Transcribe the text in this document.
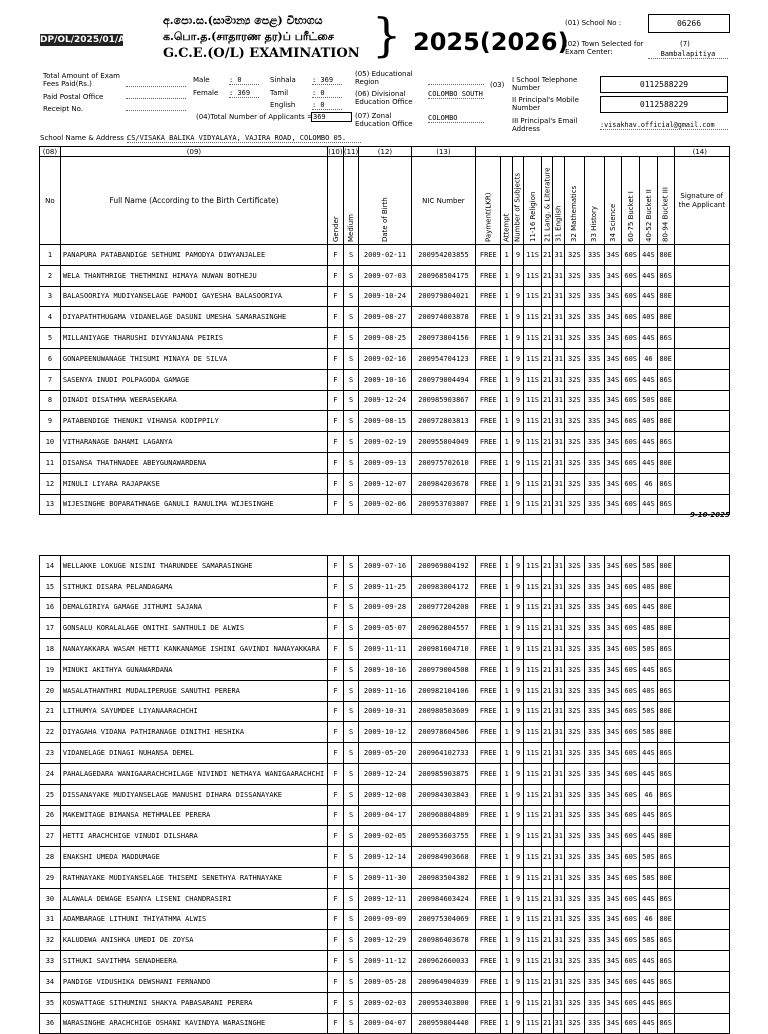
DP/OL/2025/01/A
අ.පො.ස.(සාමාන්‍ය පෙළ) විභාගය
க.பொ.த.(சாதாரண தர)ப் பரீட்சை
G.C.E.(O/L) EXAMINATION } 2025(2026)
(01) School No :	06266
(02) Town Selected for Exam Center:
(7)
Bambalapitiya
Total Amount of Exam Fees Paid(Rs.)
Paid Postal Office
Receipt No.
Male	: 0
Female : 369
Sinhala : 369
Tamil	: 0
English : 0
(04)Total Number of Applicants = 369
(05) Educational Region
(06) Divisional Education Office
COLOMBO SOUTH
(07) Zonal Education Office
COLOMBO
(03)
I School Telephone Number	0112588229
II Principal's Mobile Number	0112588229
III Principal's Email Address	:visakhav.official@gmail.com
School Name & Address :
CS/VISAKA BALIKA VIDYALAYA, VAJIRA ROAD, COLOMBO 05.
(08)	(09)	(10)	(11)	(12)	(13)													(14)
No	Full Name (According to the Birth Certificate)	Gender	Medium	Date of Birth	NIC Number	Payment(LKR)	Attempt	Number of Subjects	11-16 Religion	21 Lang. & Literature	31 English	32 Mathematics	33 History	34 Science	60-75 Bucket I	40-52 Bucket II	80-94 Bucket III	Signature of the Applicant
1	PANAPURA PATABANDIGE SETHUMI PAMODYA DIWYANJALEE	F	S	2009-02-11	200954203855	FREE	1	9	11S	21	31	32S	33S	34S	60S	44S	80E	
2	WELA THANTHRIGE THETHMINI HIMAYA NUWAN BOTHEJU	F	S	2009-07-03	200968504175	FREE	1	9	11S	21	31	32S	33S	34S	60S	44S	86S	
3	BALASOORIYA MUDIYANSELAGE PAMODI GAYESHA BALASOORIYA	F	S	2009-10-24	200979804021	FREE	1	9	11S	21	31	32S	33S	34S	60S	44S	80E	
4	DIYAPATHTHUGAMA VIDANELAGE DASUNI UMESHA SAMARASINGHE	F	S	2009-08-27	200974003878	FREE	1	9	11S	21	31	32S	33S	34S	60S	40S	80E	
5	MILLANIYAGE THARUSHI DIVYANJANA PEIRIS	F	S	2009-08-25	200973804156	FREE	1	9	11S	21	31	32S	33S	34S	60S	44S	86S	
6	GONAPEENUWANAGE THISUMI MINAYA DE SILVA	F	S	2009-02-16	200954704123	FREE	1	9	11S	21	31	32S	33S	34S	60S	46	80E	
7	SASENYA INUDI POLPAGODA GAMAGE	F	S	2009-10-16	200979004494	FREE	1	9	11S	21	31	32S	33S	34S	60S	44S	86S	
8	DINADI DISATHMA WEERASEKARA	F	S	2009-12-24	200985903867	FREE	1	9	11S	21	31	32S	33S	34S	60S	50S	80E	
9	PATABENDIGE THENUKI VIHANSA KODIPPILY	F	S	2009-08-15	200972803813	FREE	1	9	11S	21	31	32S	33S	34S	60S	40S	80E	
10	VITHARANAGE DAHAMI LAGANYA	F	S	2009-02-19	200955004049	FREE	1	9	11S	21	31	32S	33S	34S	60S	44S	86S	
11	DISANSA THATHNADEE ABEYGUNAWARDENA	F	S	2009-09-13	200975702610	FREE	1	9	11S	21	31	32S	33S	34S	60S	44S	80E	
12	MINULI LIYARA RAJAPAKSE	F	S	2009-12-07	200984203678	FREE	1	9	11S	21	31	32S	33S	34S	60S	46	86S	
13	WIJESINGHE BOPARATHNAGE GANULI RANULIMA WIJESINGHE	F	S	2009-02-06	200953703807	FREE	1	9	11S	21	31	32S	33S	34S	60S	44S	86S	
9-10-2025
14	WELLAKKE LOKUGE NISINI THARUNDEE SAMARASINGHE	F	S	2009-07-16	200969804192	FREE	1	9	11S	21	31	32S	33S	34S	60S	50S	80E	
15	SITHUKI DISARA PELANDAGAMA	F	S	2009-11-25	200983004172	FREE	1	9	11S	21	31	32S	33S	34S	60S	40S	80E	
16	DEMALGIRIYA GAMAGE JITHUMI SAJANA	F	S	2009-09-28	200977204208	FREE	1	9	11S	21	31	32S	33S	34S	60S	44S	80E	
17	GONSALU KORALALAGE ONITHI SANTHULI DE ALWIS	F	S	2009-05-07	200962804557	FREE	1	9	11S	21	31	32S	33S	34S	60S	40S	80E	
18	NANAYAKKARA WASAM HETTI KANKANAMGE ISHINI GAVINDI NANAYAKKARA	F	S	2009-11-11	200981604710	FREE	1	9	11S	21	31	32S	33S	34S	60S	50S	86S	
19	MINUKI AKITHYA GUNAWARDANA	F	S	2009-10-16	200979004508	FREE	1	9	11S	21	31	32S	33S	34S	60S	44S	86S	
20	WASALATHANTHRI MUDALIPERUGE SANUTHI PERERA	F	S	2009-11-16	200982104106	FREE	1	9	11S	21	31	32S	33S	34S	60S	40S	86S	
21	LITHUMYA SAYUMDEE LIYANAARACHCHI	F	S	2009-10-31	200980503609	FREE	1	9	11S	21	31	32S	33S	34S	60S	50S	80E	
22	DIYAGAHA VIDANA PATHIRANAGE DINITHI HESHIKA	F	S	2009-10-12	200978604506	FREE	1	9	11S	21	31	32S	33S	34S	60S	50S	80E	
23	VIDANELAGE DINAGI NUHANSA DEMEL	F	S	2009-05-20	200964102733	FREE	1	9	11S	21	31	32S	33S	34S	60S	44S	86S	
24	PAHALAGEDARA WANIGAARACHCHILAGE NIVINDI NETHAYA WANIGAARACHCHI	F	S	2009-12-24	200985903875	FREE	1	9	11S	21	31	32S	33S	34S	60S	44S	86S	
25	DISSANAYAKE MUDIYANSELAGE MANUSHI DIHARA DISSANAYAKE	F	S	2009-12-08	200984303843	FREE	1	9	11S	21	31	32S	33S	34S	60S	46	86S	
26	MAKEWITAGE BIMANSA METHMALEE PERERA	F	S	2009-04-17	200960804809	FREE	1	9	11S	21	31	32S	33S	34S	60S	44S	86S	
27	HETTI ARACHCHIGE VINUDI DILSHARA	F	S	2009-02-05	200953603755	FREE	1	9	11S	21	31	32S	33S	34S	60S	44S	80E	
28	ENAKSHI UMEDA MADDUMAGE	F	S	2009-12-14	200984903668	FREE	1	9	11S	21	31	32S	33S	34S	60S	50S	86S	
29	RATHNAYAKE MUDIYANSELAGE THISEMI SENETHYA RATHNAYAKE	F	S	2009-11-30	200983504382	FREE	1	9	11S	21	31	32S	33S	34S	60S	50S	80E	
30	ALAWALA DEWAGE ESANYA LISENI CHANDRASIRI	F	S	2009-12-11	200984603424	FREE	1	9	11S	21	31	32S	33S	34S	60S	44S	86S	
31	ADAMBARAGE LITHUNI THIYATHMA ALWIS	F	S	2009-09-09	200975304069	FREE	1	9	11S	21	31	32S	33S	34S	60S	46	80E	
32	KALUDEWA ANISHKA UMEDI DE ZOYSA	F	S	2009-12-29	200986403678	FREE	1	9	11S	21	31	32S	33S	34S	60S	50S	86S	
33	SITHUKI SAVITHMA SENADHEERA	F	S	2009-11-12	200962660033	FREE	1	9	11S	21	31	32S	33S	34S	60S	44S	86S	
34	PANDIGE VIDUSHIKA DEWSHANI FERNANDO	F	S	2009-05-28	200964904039	FREE	1	9	11S	21	31	32S	33S	34S	60S	44S	86S	
35	KOSWATTAGE SITHUMINI SHAKYA PABASARANI PERERA	F	S	2009-02-03	200953403800	FREE	1	9	11S	21	31	32S	33S	34S	60S	44S	86S	
36	WARASINGHE ARACHCHIGE OSHANI KAVINDYA WARASINGHE	F	S	2009-04-07	200959804440	FREE	1	9	11S	21	31	32S	33S	34S	60S	44S	86S	
